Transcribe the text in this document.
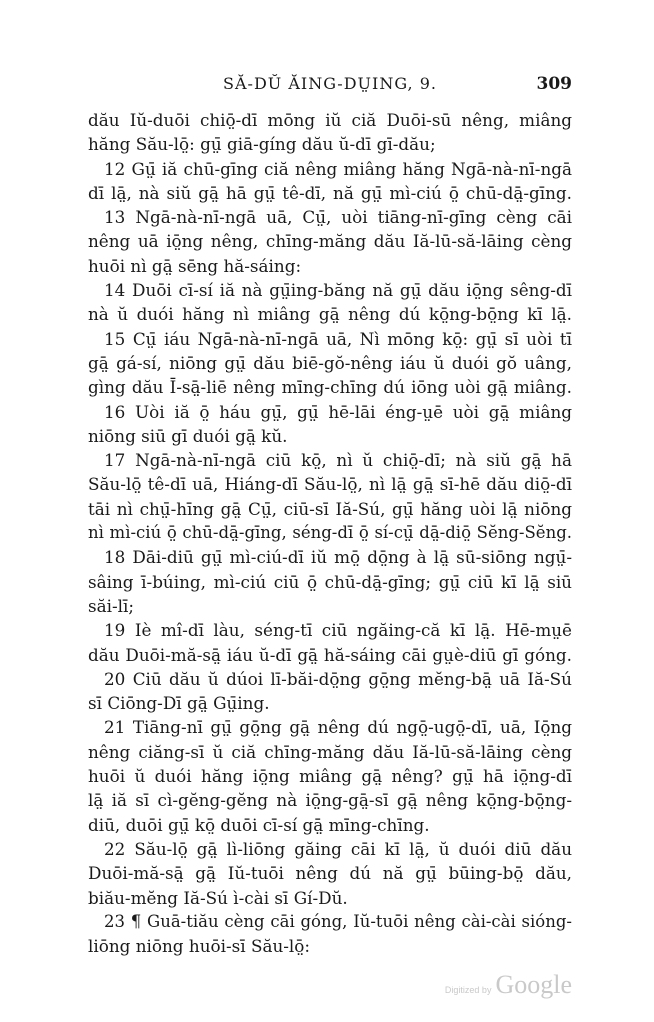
SĂ-DŬ ĂING-DṲING, 9.	309
dău Iŭ-duōi chiō̤-dī mōng iŭ ciă Duōi-sū nêng, miâng
hăng Său-lō̤: gṳ̄ giā-gíng dău ŭ-dī gī-dău;
12 Gṳ̄ iă chū-gīng ciă nêng miâng hăng Ngā-nà-nī-ngā
dī lā̤, nà siŭ gā̤ hā gṳ̄ tê-dī, nă gṳ̄ mì-ciú ō̤ chū-dā̤-gīng.
13 Ngā-nà-nī-ngā uā, Cṳ̄, uòi tiāng-nī-gīng cèng cāi
nêng uā iō̤ng nêng, chīng-măng dău Iă-lū-să-lāing cèng
huōi nì gā̤ sēng hă-sáing:
14 Duōi cī-sí iă nà gṳ̄ing-băng nă gṳ̄ dău iō̤ng sêng-dī
nà ŭ duói hăng nì miâng gā̤ nêng dú kō̤ng-bō̤ng kī lā̤.
15 Cṳ̄ iáu Ngā-nà-nī-ngā uā, Nì mōng kō̤: gṳ̄ sī uòi tī
gā̤ gá-sí, niōng gṳ̄ dău biē-gŏ-nêng iáu ŭ duói gŏ uâng,
gìng dău Ī-sā̤-liē nêng mīng-chīng dú iōng uòi gā̤ miâng.
16 Uòi iă ō̤ háu gṳ̄, gṳ̄ hē-lāi éng-ṳē uòi gā̤ miâng
niōng siū gī duói gā̤ kŭ.
17 Ngā-nà-nī-ngā ciū kō̤, nì ŭ chiō̤-dī; nà siŭ gā̤ hā
Său-lō̤ tê-dī uā, Hiáng-dī Său-lō̤, nì lā̤ gā̤ sī-hē dău diō̤-dī
tāi nì chṳ̄-hīng gā̤ Cṳ̄, ciū-sī Iă-Sú, gṳ̄ hăng uòi lā̤ niōng
nì mì-ciú ō̤ chū-dā̤-gīng, séng-dī ō̤ sí-cṳ̄ dā̤-diō̤ Sĕng-Sĕng.
18 Dāi-diū gṳ̄ mì-ciú-dī iŭ mō̤ dō̤ng à lā̤ sū-siōng ngṳ̄-
sâing ī-búing, mì-ciú ciū ō̤ chū-dā̤-gīng; gṳ̄ ciū kī lā̤ siū
săi-lī;
19 Iè mî-dī làu, séng-tī ciū ngăing-că kī lā̤. Hē-mṳē
dău Duōi-mă-sā̤ iáu ŭ-dī gā̤ hă-sáing cāi gṳè-diū gī góng.
20 Ciū dău ŭ dúoi lī-băi-dō̤ng gō̤ng mĕng-bā̤ uā Iă-Sú
sī Ciōng-Dī gā̤ Gṳ̄ing.
21 Tiāng-nī gṳ̄ gō̤ng gā̤ nêng dú ngō̤-ugō̤-dī, uā, Iō̤ng
nêng ciăng-sī ŭ ciă chīng-măng dău Iă-lū-să-lāing cèng
huōi ŭ duói hăng iō̤ng miâng gā̤ nêng? gṳ̄ hā iō̤ng-dī
lā̤ iă sī cì-gĕng-gĕng nà iō̤ng-gā̤-sī gā̤ nêng kō̤ng-bō̤ng-
diū, duōi gṳ̄ kō̤ duōi cī-sí gā̤ mīng-chīng.
22 Său-lō̤ gā̤ lì-liōng găing cāi kī lā̤, ŭ duói diū dău
Duōi-mă-sā̤ gā̤ Iŭ-tuōi nêng dú nă gṳ̄ būing-bō̤ dău,
biău-mĕng Iă-Sú ì-cài sī Gí-Dŭ.
23 ¶ Guā-tiău cèng cāi góng, Iŭ-tuōi nêng cài-cài sióng-
liōng niōng huōi-sī Său-lō̤:
Digitized by Google
